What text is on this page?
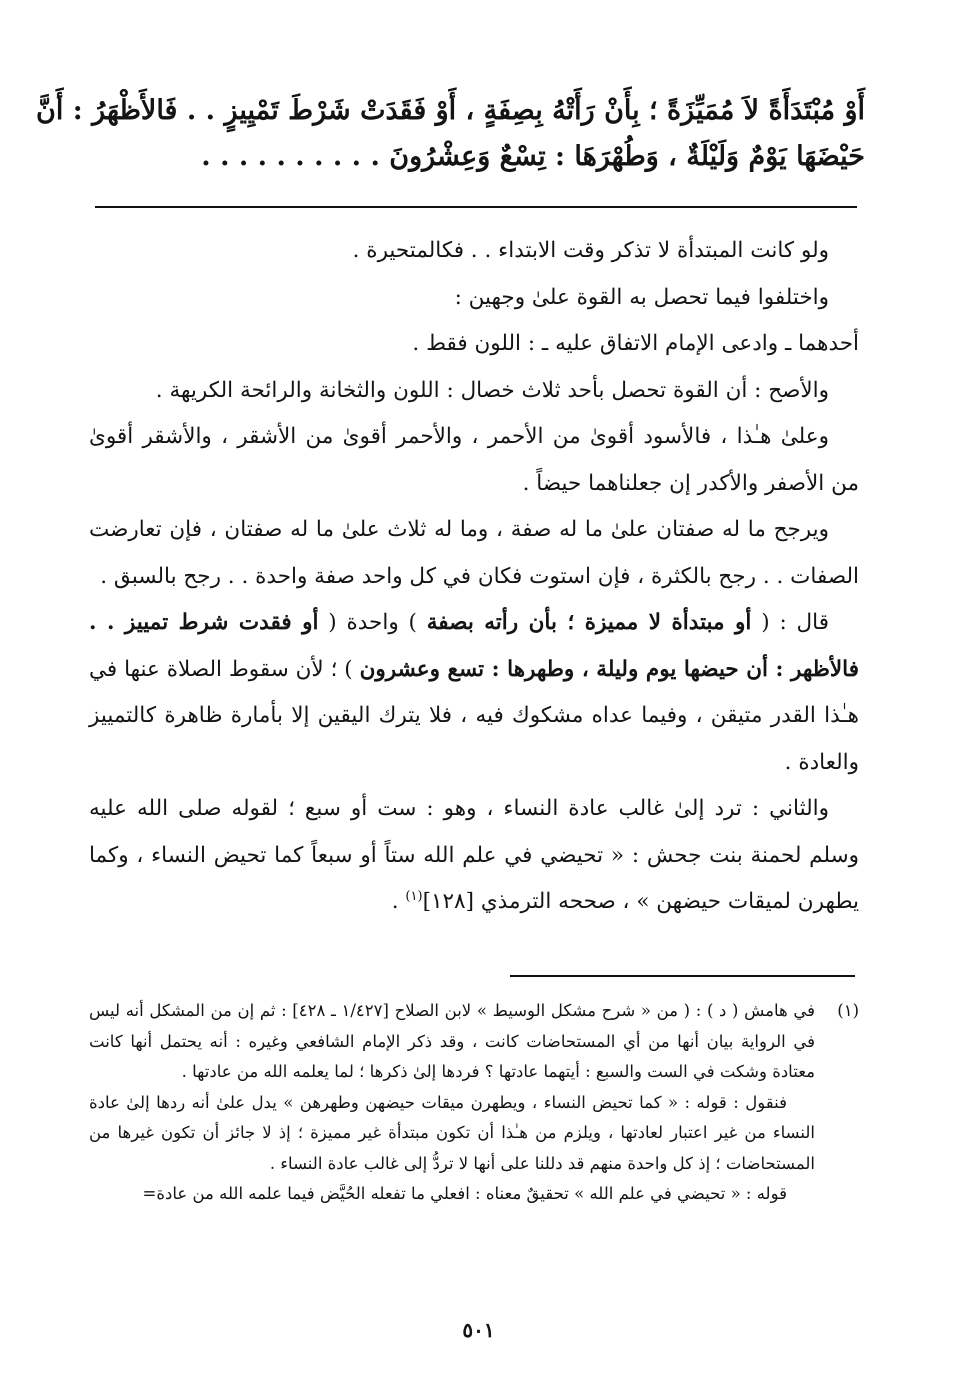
أَوْ مُبْتَدَأَةً لاَ مُمَيِّزَةً ؛ بِأَنْ رَأَتْهُ بِصِفَةٍ ، أَوْ فَقَدَتْ شَرْطَ تَمْيِيزٍ . . فَالأَظْهَرُ : أَنَّ
حَيْضَهَا يَوْمٌ وَلَيْلَةٌ ، وَطُهْرَهَا : تِسْعٌ وَعِشْرُونَ . . . . . . . . . .

ولو كانت المبتدأة لا تذكر وقت الابتداء . . فكالمتحيرة .

واختلفوا فيما تحصل به القوة علىٰ وجهين :

أحدهما ـ وادعى الإمام الاتفاق عليه ـ : اللون فقط .

والأصح : أن القوة تحصل بأحد ثلاث خصال : اللون والثخانة والرائحة الكريهة .

وعلىٰ هـٰذا ، فالأسود أقوىٰ من الأحمر ، والأحمر أقوىٰ من الأشقر ، والأشقر أقوىٰ من الأصفر والأكدر إن جعلناهما حيضاً .

ويرجح ما له صفتان علىٰ ما له صفة ، وما له ثلاث علىٰ ما له صفتان ، فإن تعارضت الصفات . . رجح بالكثرة ، فإن استوت فكان في كل واحد صفة واحدة . . رجح بالسبق .

قال : ( أو مبتدأة لا مميزة ؛ بأن رأته بصفة ) واحدة ( أو فقدت شرط تمييز . . فالأظهر : أن حيضها يوم وليلة ، وطهرها : تسع وعشرون ) ؛ لأن سقوط الصلاة عنها في هـٰذا القدر متيقن ، وفيما عداه مشكوك فيه ، فلا يترك اليقين إلا بأمارة ظاهرة كالتمييز والعادة .

والثاني : ترد إلىٰ غالب عادة النساء ، وهو : ست أو سبع ؛ لقوله صلى الله عليه وسلم لحمنة بنت جحش : « تحيضي في علم الله ستاً أو سبعاً كما تحيض النساء ، وكما يطهرن لميقات حيضهن » ، صححه الترمذي [١٢٨]$^{(١)}$ .

(١)
في هامش ( د ) : ( من « شرح مشكل الوسيط » لابن الصلاح [١/٤٢٧ ـ ٤٢٨] : ثم إن من المشكل أنه ليس في الرواية بيان أنها من أي المستحاضات كانت ، وقد ذكر الإمام الشافعي وغيره : أنه يحتمل أنها كانت معتادة وشكت في الست والسبع : أيتهما عادتها ؟ فردها إلىٰ ذكرها ؛ لما يعلمه الله من عادتها .

فنقول : قوله : « كما تحيض النساء ، ويطهرن ميقات حيضهن وطهرهن » يدل علىٰ أنه ردها إلىٰ عادة النساء من غير اعتبار لعادتها ، ويلزم من هـٰذا أن تكون مبتدأة غير مميزة ؛ إذ لا جائز أن تكون غيرها من المستحاضات ؛ إذ كل واحدة منهم قد دللنا على أنها لا تردُّ إلى غالب عادة النساء .

قوله : « تحيضي في علم الله » تحقيقٌ معناه : افعلي ما تفعله الحُيَّض فيما علمه الله من عادة=

٥٠١
